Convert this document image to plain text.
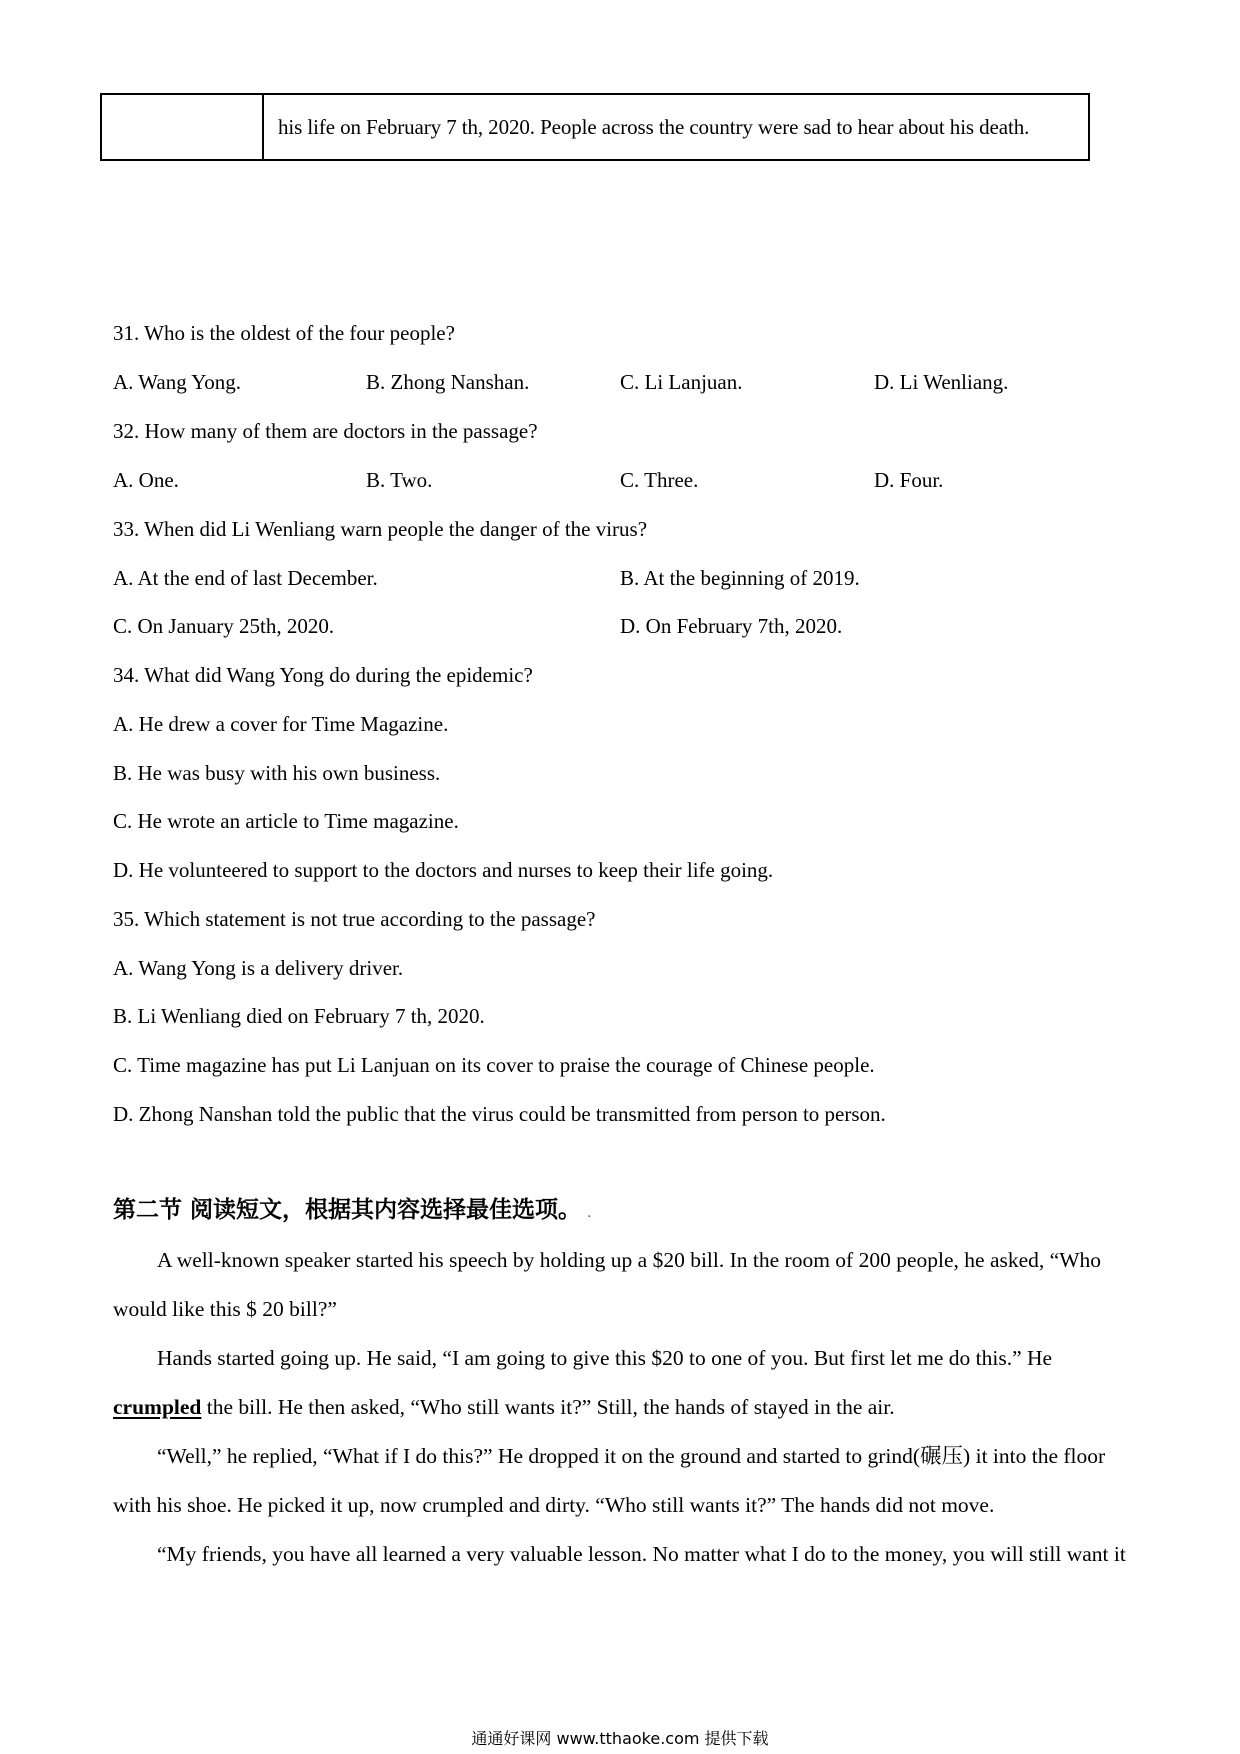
	his life on February 7 th, 2020. People across the country were sad to hear about his death.
31. Who is the oldest of the four people?
A. Wang Yong.	B. Zhong Nanshan.	C. Li Lanjuan.	D. Li Wenliang.
32. How many of them are doctors in the passage?
A. One.	B. Two.	C. Three.	D. Four.
33. When did Li Wenliang warn people the danger of the virus?
A. At the end of last December.	B. At the beginning of 2019.
C. On January 25th, 2020.	D. On February 7th, 2020.
34. What did Wang Yong do during the epidemic?
A. He drew a cover for Time Magazine.
B. He was busy with his own business.
C. He wrote an article to Time magazine.
D. He volunteered to support to the doctors and nurses to keep their life going.
35. Which statement is not true according to the passage?
A. Wang Yong is a delivery driver.
B. Li Wenliang died on February 7 th, 2020.
C. Time magazine has put Li Lanjuan on its cover to praise the courage of Chinese people.
D. Zhong Nanshan told the public that the virus could be transmitted from person to person.
第二节 阅读短文，根据其内容选择最佳选项。 .
A well-known speaker started his speech by holding up a $20 bill. In the room of 200 people, he asked, “Who
would like this $ 20 bill?”
Hands started going up. He said, “I am going to give this $20 to one of you. But first let me do this.” He
crumpled the bill. He then asked, “Who still wants it?” Still, the hands of stayed in the air.
“Well,” he replied, “What if I do this?” He dropped it on the ground and started to grind(碾压) it into the floor
with his shoe. He picked it up, now crumpled and dirty. “Who still wants it?” The hands did not move.
“My friends, you have all learned a very valuable lesson. No matter what I do to the money, you will still want it
通通好课网 www.tthaoke.com 提供下载
